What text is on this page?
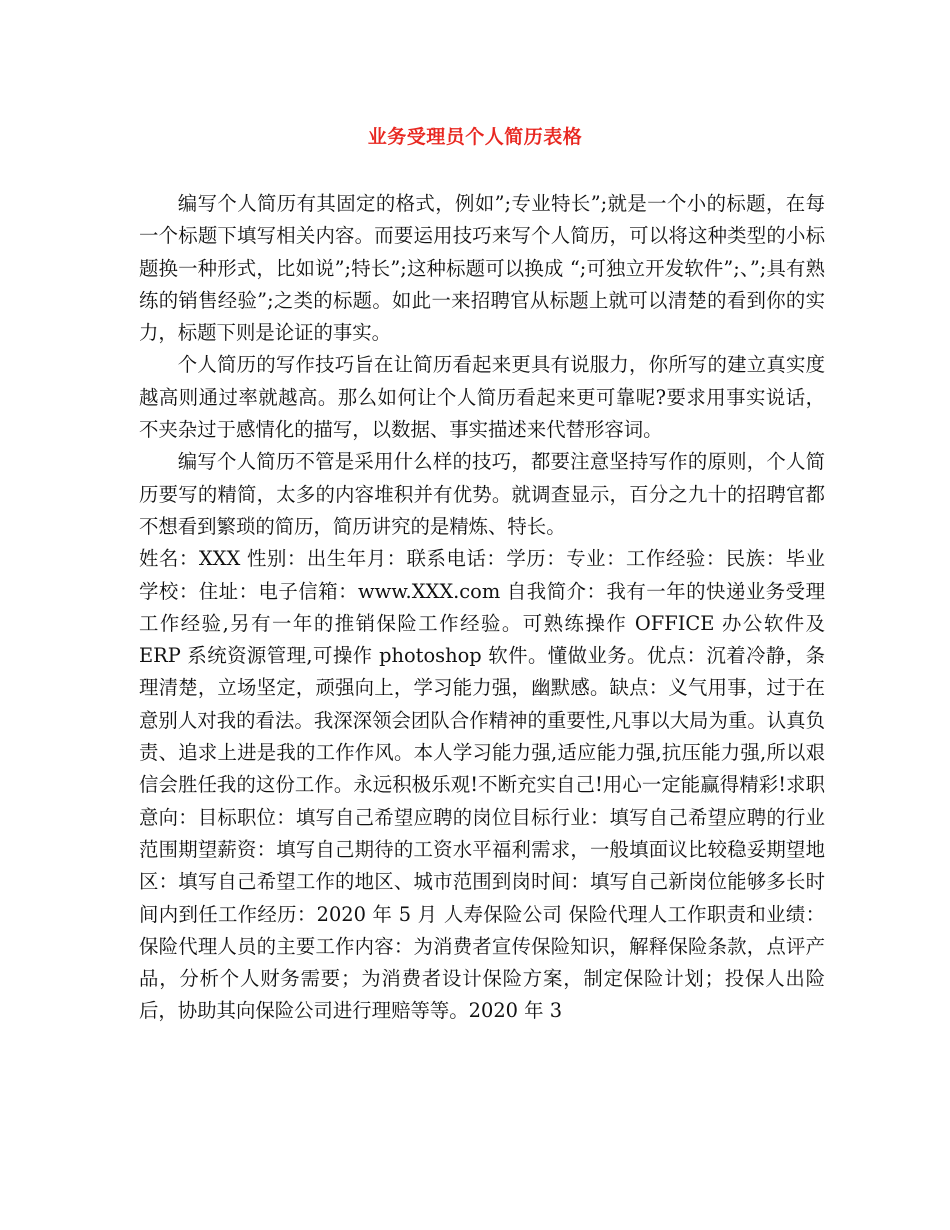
业务受理员个人简历表格

编写个人简历有其固定的格式，例如”;专业特长”;就是一个小的标题，在每一个标题下填写相关内容。而要运用技巧来写个人简历，可以将这种类型的小标题换一种形式，比如说”;特长”;这种标题可以换成 “;可独立开发软件”;、”;具有熟练的销售经验”;之类的标题。如此一来招聘官从标题上就可以清楚的看到你的实力，标题下则是论证的事实。

个人简历的写作技巧旨在让简历看起来更具有说服力，你所写的建立真实度越高则通过率就越高。那么如何让个人简历看起来更可靠呢?要求用事实说话，不夹杂过于感情化的描写，以数据、事实描述来代替形容词。

编写个人简历不管是采用什么样的技巧，都要注意坚持写作的原则，个人简历要写的精简，太多的内容堆积并有优势。就调查显示，百分之九十的招聘官都不想看到繁琐的简历，简历讲究的是精炼、特长。

姓名：XXX 性别：出生年月：联系电话：学历：专业：工作经验：民族：毕业学校：住址：电子信箱：www.XXX.com 自我简介：我有一年的快递业务受理工作经验,另有一年的推销保险工作经验。可熟练操作 OFFICE 办公软件及 ERP 系统资源管理,可操作 photoshop 软件。懂做业务。优点：沉着冷静，条理清楚，立场坚定，顽强向上，学习能力强，幽默感。缺点：义气用事，过于在意别人对我的看法。我深深领会团队合作精神的重要性,凡事以大局为重。认真负责、追求上进是我的工作作风。本人学习能力强,适应能力强,抗压能力强,所以艰信会胜任我的这份工作。永远积极乐观!不断充实自己!用心一定能赢得精彩!求职意向：目标职位：填写自己希望应聘的岗位目标行业：填写自己希望应聘的行业范围期望薪资：填写自己期待的工资水平福利需求，一般填面议比较稳妥期望地区：填写自己希望工作的地区、城市范围到岗时间：填写自己新岗位能够多长时间内到任工作经历：2020 年 5 月 人寿保险公司 保险代理人工作职责和业绩：保险代理人员的主要工作内容：为消费者宣传保险知识，解释保险条款，点评产品，分析个人财务需要；为消费者设计保险方案，制定保险计划；投保人出险后，协助其向保险公司进行理赔等等。2020 年 3
